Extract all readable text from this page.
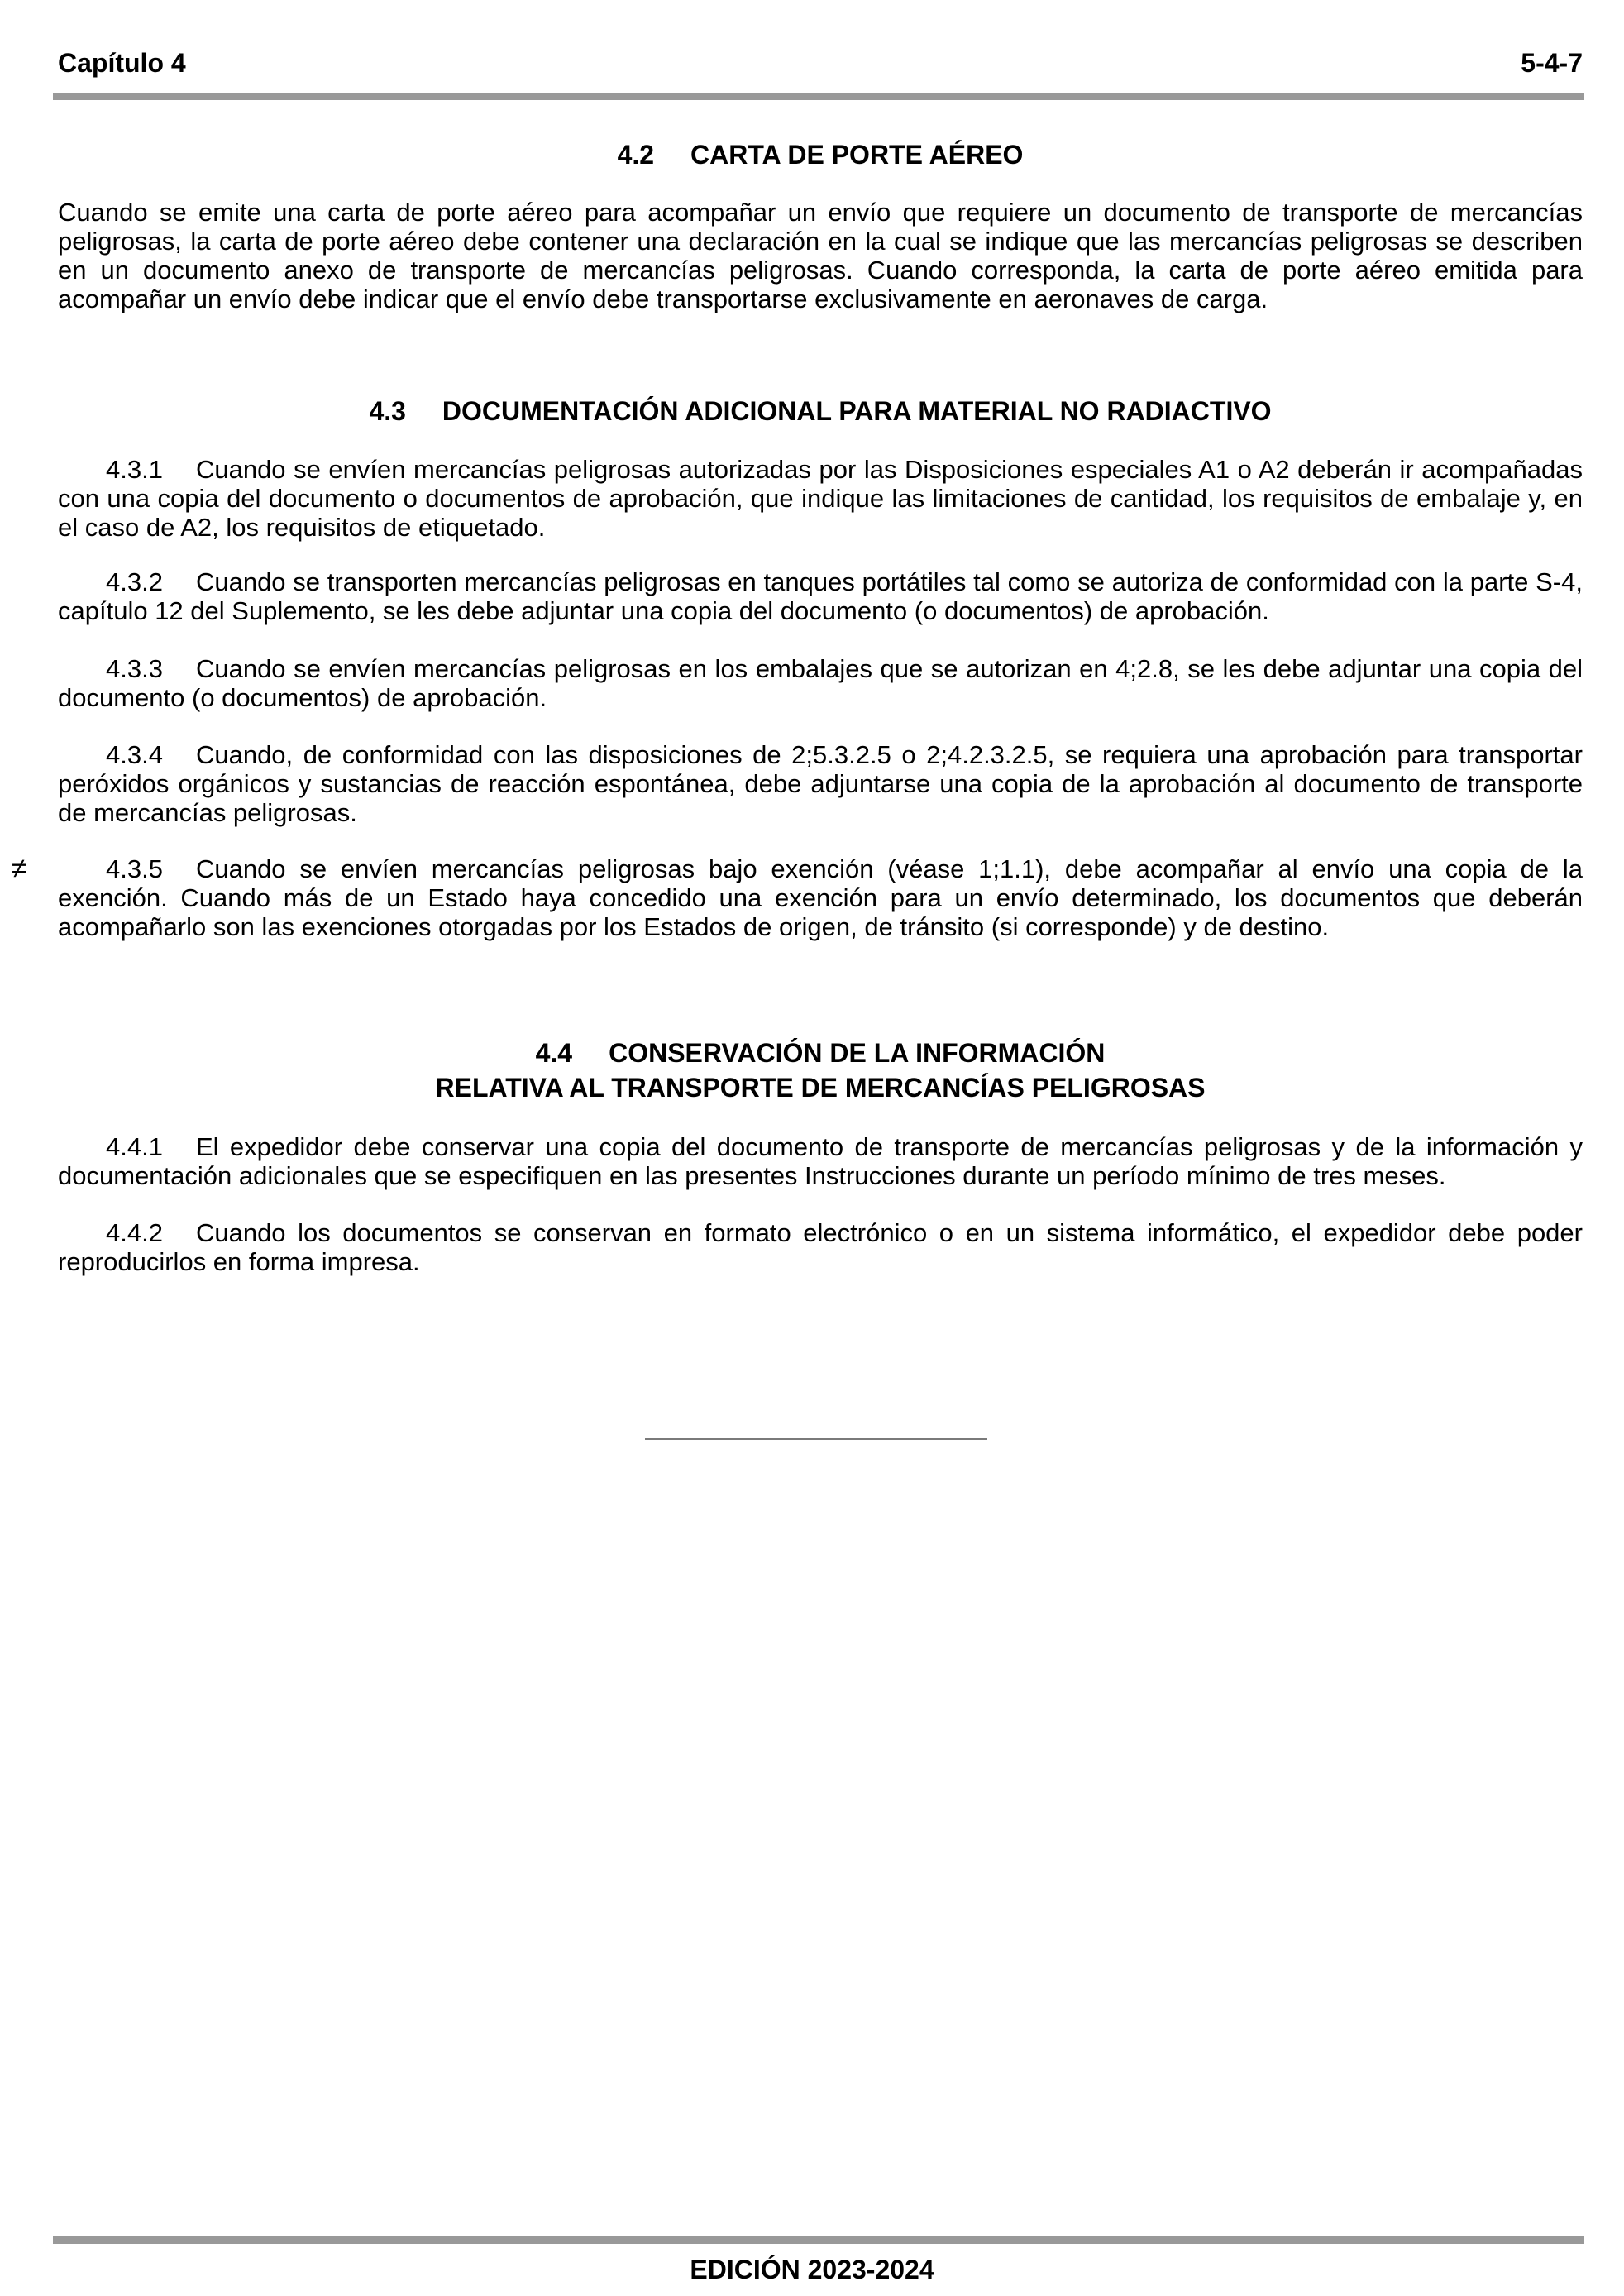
Capítulo 4	5-4-7
4.2 CARTA DE PORTE AÉREO
Cuando se emite una carta de porte aéreo para acompañar un envío que requiere un documento de transporte de mercancías peligrosas, la carta de porte aéreo debe contener una declaración en la cual se indique que las mercancías peligrosas se describen en un documento anexo de transporte de mercancías peligrosas. Cuando corresponda, la carta de porte aéreo emitida para acompañar un envío debe indicar que el envío debe transportarse exclusivamente en aeronaves de carga.
4.3 DOCUMENTACIÓN ADICIONAL PARA MATERIAL NO RADIACTIVO
4.3.1 Cuando se envíen mercancías peligrosas autorizadas por las Disposiciones especiales A1 o A2 deberán ir acompañadas con una copia del documento o documentos de aprobación, que indique las limitaciones de cantidad, los requisitos de embalaje y, en el caso de A2, los requisitos de etiquetado.
4.3.2 Cuando se transporten mercancías peligrosas en tanques portátiles tal como se autoriza de conformidad con la parte S-4, capítulo 12 del Suplemento, se les debe adjuntar una copia del documento (o documentos) de aprobación.
4.3.3 Cuando se envíen mercancías peligrosas en los embalajes que se autorizan en 4;2.8, se les debe adjuntar una copia del documento (o documentos) de aprobación.
4.3.4 Cuando, de conformidad con las disposiciones de 2;5.3.2.5 o 2;4.2.3.2.5, se requiera una aprobación para transportar peróxidos orgánicos y sustancias de reacción espontánea, debe adjuntarse una copia de la aprobación al documento de transporte de mercancías peligrosas.
≠	4.3.5 Cuando se envíen mercancías peligrosas bajo exención (véase 1;1.1), debe acompañar al envío una copia de la exención. Cuando más de un Estado haya concedido una exención para un envío determinado, los documentos que deberán acompañarlo son las exenciones otorgadas por los Estados de origen, de tránsito (si corresponde) y de destino.
4.4 CONSERVACIÓN DE LA INFORMACIÓN
RELATIVA AL TRANSPORTE DE MERCANCÍAS PELIGROSAS
4.4.1 El expedidor debe conservar una copia del documento de transporte de mercancías peligrosas y de la información y documentación adicionales que se especifiquen en las presentes Instrucciones durante un período mínimo de tres meses.
4.4.2 Cuando los documentos se conservan en formato electrónico o en un sistema informático, el expedidor debe poder reproducirlos en forma impresa.
EDICIÓN 2023-2024
